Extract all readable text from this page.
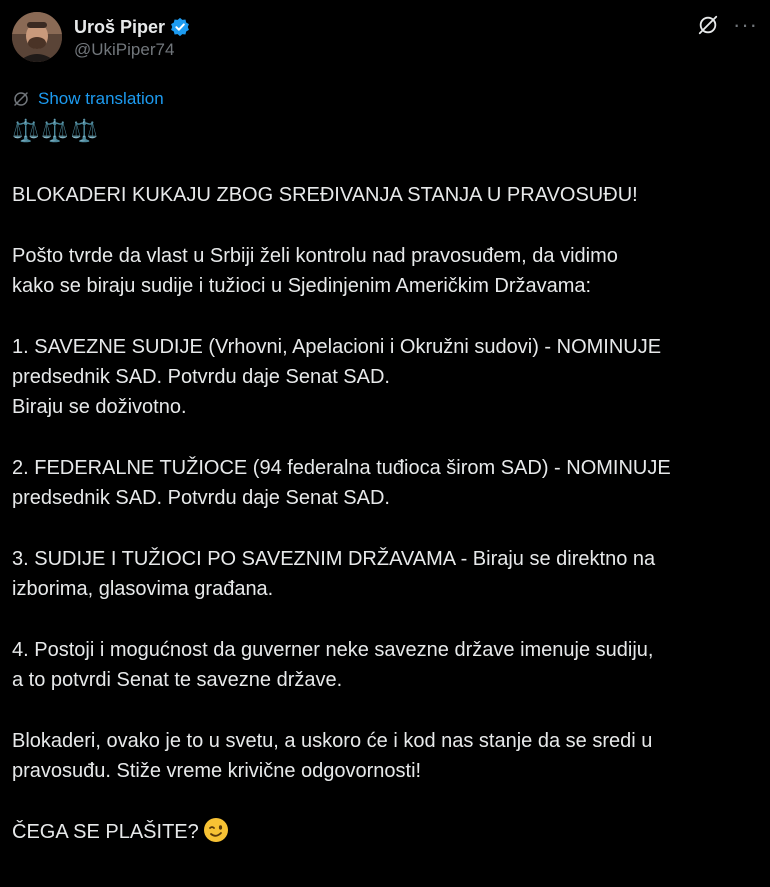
Uroš Piper
@UkiPiper74
···
Show translation

⚖️⚖️⚖️

BLOKADERI KUKAJU ZBOG SREĐIVANJA STANJA U PRAVOSUĐU!

Pošto tvrde da vlast u Srbiji želi kontrolu nad pravosuđem, da vidimo
kako se biraju sudije i tužioci u Sjedinjenim Američkim Državama:

1. SAVEZNE SUDIJE (Vrhovni, Apelacioni i Okružni sudovi) - NOMINUJE
predsednik SAD. Potvrdu daje Senat SAD.
Biraju se doživotno.

2. FEDERALNE TUŽIOCE (94 federalna tuđioca širom SAD) - NOMINUJE
predsednik SAD. Potvrdu daje Senat SAD.

3. SUDIJE I TUŽIOCI PO SAVEZNIM DRŽAVAMA - Biraju se direktno na
izborima, glasovima građana.

4. Postoji i mogućnost da guverner neke savezne države imenuje sudiju,
a to potvrdi Senat te savezne države.

Blokaderi, ovako je to u svetu, a uskoro će i kod nas stanje da se sredi u
pravosuđu. Stiže vreme krivične odgovornosti!

ČEGA SE PLAŠITE?
